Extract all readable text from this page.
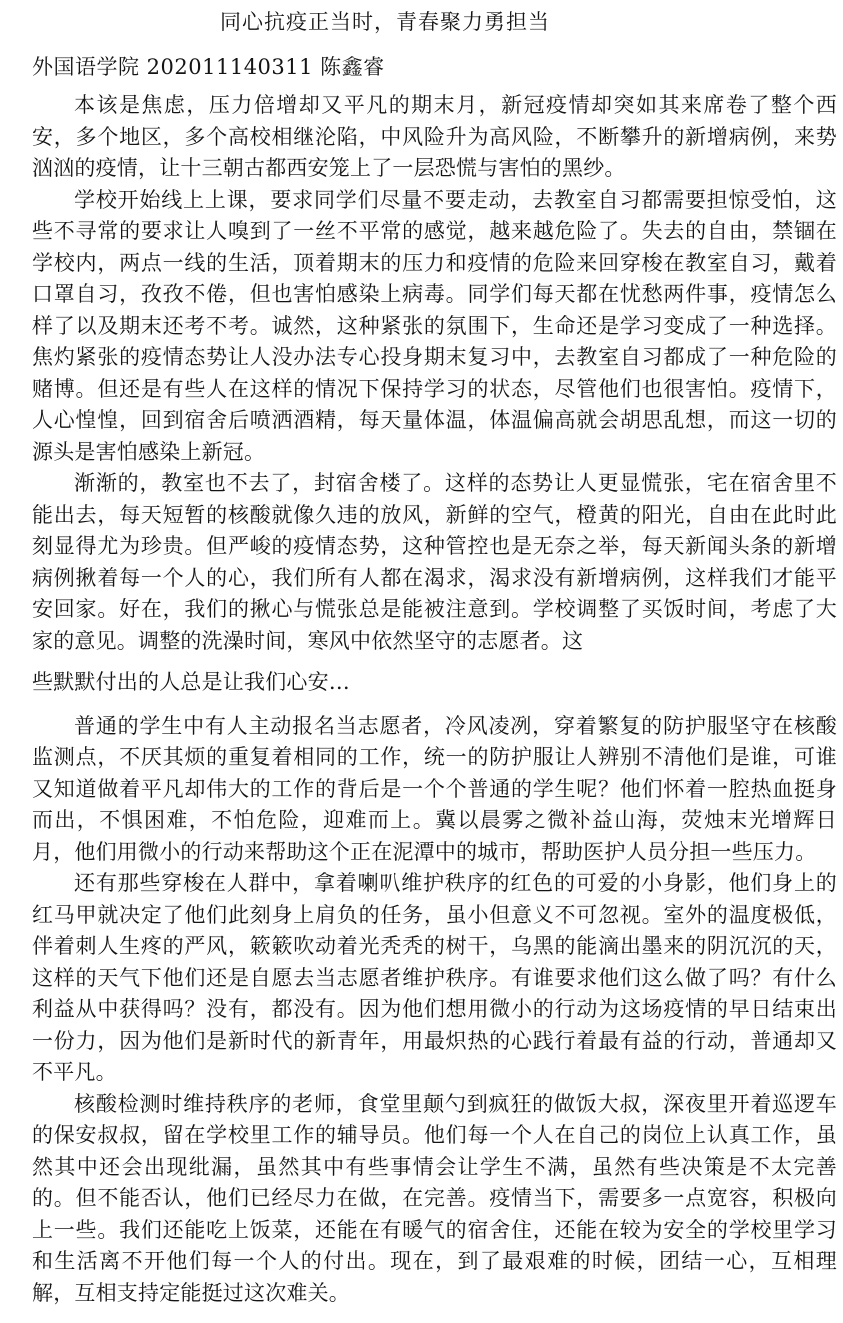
同心抗疫正当时，青春聚力勇担当
外国语学院 202011140311 陈鑫睿

本该是焦虑，压力倍增却又平凡的期末月，新冠疫情却突如其来席卷了整个西安，多个地区，多个高校相继沦陷，中风险升为高风险，不断攀升的新增病例，来势汹汹的疫情，让十三朝古都西安笼上了一层恐慌与害怕的黑纱。

学校开始线上上课，要求同学们尽量不要走动，去教室自习都需要担惊受怕，这些不寻常的要求让人嗅到了一丝不平常的感觉，越来越危险了。失去的自由，禁锢在学校内，两点一线的生活，顶着期末的压力和疫情的危险来回穿梭在教室自习，戴着口罩自习，孜孜不倦，但也害怕感染上病毒。同学们每天都在忧愁两件事，疫情怎么样了以及期末还考不考。诚然，这种紧张的氛围下，生命还是学习变成了一种选择。焦灼紧张的疫情态势让人没办法专心投身期末复习中，去教室自习都成了一种危险的赌博。但还是有些人在这样的情况下保持学习的状态，尽管他们也很害怕。疫情下，人心惶惶，回到宿舍后喷洒酒精，每天量体温，体温偏高就会胡思乱想，而这一切的源头是害怕感染上新冠。

渐渐的，教室也不去了，封宿舍楼了。这样的态势让人更显慌张，宅在宿舍里不能出去，每天短暂的核酸就像久违的放风，新鲜的空气，橙黄的阳光，自由在此时此刻显得尤为珍贵。但严峻的疫情态势，这种管控也是无奈之举，每天新闻头条的新增病例揪着每一个人的心，我们所有人都在渴求，渴求没有新增病例，这样我们才能平安回家。好在，我们的揪心与慌张总是能被注意到。学校调整了买饭时间，考虑了大家的意见。调整的洗澡时间，寒风中依然坚守的志愿者。这

些默默付出的人总是让我们心安…

普通的学生中有人主动报名当志愿者，冷风凌冽，穿着繁复的防护服坚守在核酸监测点，不厌其烦的重复着相同的工作，统一的防护服让人辨别不清他们是谁，可谁又知道做着平凡却伟大的工作的背后是一个个普通的学生呢？他们怀着一腔热血挺身而出，不惧困难，不怕危险，迎难而上。冀以晨雾之微补益山海，荧烛末光增辉日月，他们用微小的行动来帮助这个正在泥潭中的城市，帮助医护人员分担一些压力。

还有那些穿梭在人群中，拿着喇叭维护秩序的红色的可爱的小身影，他们身上的红马甲就决定了他们此刻身上肩负的任务，虽小但意义不可忽视。室外的温度极低，伴着刺人生疼的严风，簌簌吹动着光秃秃的树干，乌黑的能滴出墨来的阴沉沉的天，这样的天气下他们还是自愿去当志愿者维护秩序。有谁要求他们这么做了吗？有什么利益从中获得吗？没有，都没有。因为他们想用微小的行动为这场疫情的早日结束出一份力，因为他们是新时代的新青年，用最炽热的心践行着最有益的行动，普通却又不平凡。

核酸检测时维持秩序的老师，食堂里颠勺到疯狂的做饭大叔，深夜里开着巡逻车的保安叔叔，留在学校里工作的辅导员。他们每一个人在自己的岗位上认真工作，虽然其中还会出现纰漏，虽然其中有些事情会让学生不满，虽然有些决策是不太完善的。但不能否认，他们已经尽力在做，在完善。疫情当下，需要多一点宽容，积极向上一些。我们还能吃上饭菜，还能在有暖气的宿舍住，还能在较为安全的学校里学习和生活离不开他们每一个人的付出。现在，到了最艰难的时候，团结一心，互相理解，互相支持定能挺过这次难关。
